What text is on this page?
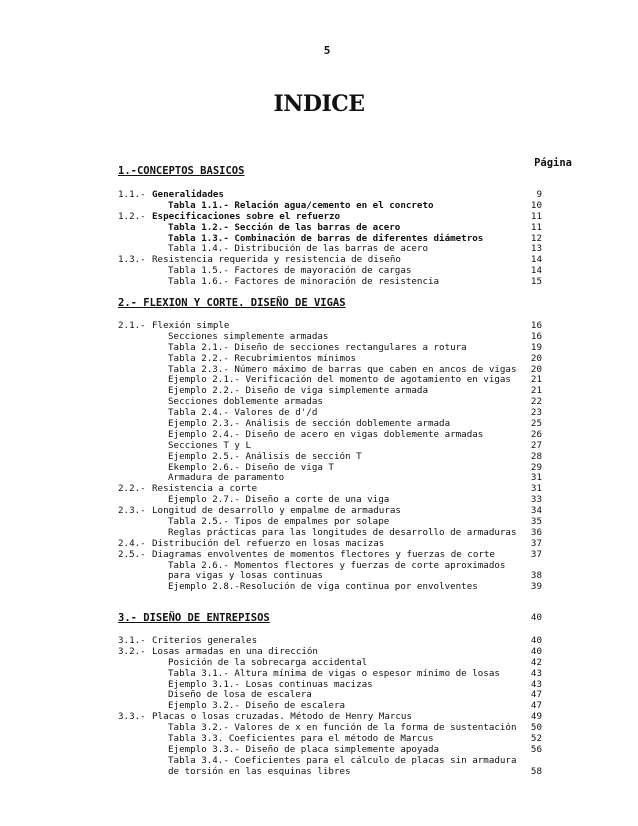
5
INDICE
Página
1.-CONCEPTOS BASICOS
1.1.- Generalidades	9
Tabla 1.1.- Relación agua/cemento en el concreto	10
1.2.- Especificaciones sobre el refuerzo	11
Tabla 1.2.- Sección de las barras de acero	11
Tabla 1.3.- Combinación de barras de diferentes diámetros	12
Tabla 1.4.- Distribución de las barras de acero	13
1.3.- Resistencia requerida y resistencia de diseño	14
Tabla 1.5.- Factores de mayoración de cargas	14
Tabla 1.6.- Factores de minoración de resistencia	15
2.- FLEXION Y CORTE. DISEÑO DE VIGAS
2.1.- Flexión simple	16
Secciones simplemente armadas	16
Tabla 2.1.- Diseño de secciones rectangulares a rotura	19
Tabla 2.2.- Recubrimientos mínimos	20
Tabla 2.3.- Número máximo de barras que caben en ancos de vigas	20
Ejemplo 2.1.- Verificación del momento de agotamiento en vigas	21
Ejemplo 2.2.- Diseño de viga simplemente armada	21
Secciones doblemente armadas	22
Tabla 2.4.- Valores de d'/d	23
Ejemplo 2.3.- Análisis de sección doblemente armada	25
Ejemplo 2.4.- Diseño de acero en vigas doblemente armadas	26
Secciones T y L	27
Ejemplo 2.5.- Análisis de sección T	28
Ekemplo 2.6.- Diseño de viga T	29
Armadura de paramento	31
2.2.- Resistencia a corte	31
Ejemplo 2.7.- Diseño a corte de una viga	33
2.3.- Longitud de desarrollo y empalme de armaduras	34
Tabla 2.5.- Tipos de empalmes por solape	35
Reglas prácticas para las longitudes de desarrollo de armaduras	36
2.4.- Distribución del refuerzo en losas macizas	37
2.5.- Diagramas envolventes de momentos flectores y fuerzas de corte	37
Tabla 2.6.- Momentos flectores y fuerzas de corte aproximados
para vigas y losas continuas	38
Ejemplo 2.8.-Resolución de viga continua por envolventes	39
3.- DISEÑO DE ENTREPISOS	40
3.1.- Criterios generales	40
3.2.- Losas armadas en una dirección	40
Posición de la sobrecarga accidental	42
Tabla 3.1.- Altura mínima de vigas o espesor mínimo de losas	43
Ejemplo 3.1.- Losas continuas macizas	43
Diseño de losa de escalera	47
Ejemplo 3.2.- Diseño de escalera	47
3.3.- Placas o losas cruzadas. Método de Henry Marcus	49
Tabla 3.2.- Valores de x en función de la forma de sustentación	50
Tabla 3.3. Coeficientes para el método de Marcus	52
Ejemplo 3.3.- Diseño de placa simplemente apoyada	56
Tabla 3.4.- Coeficientes para el cálculo de placas sin armadura
de torsión en las esquinas libres	58
